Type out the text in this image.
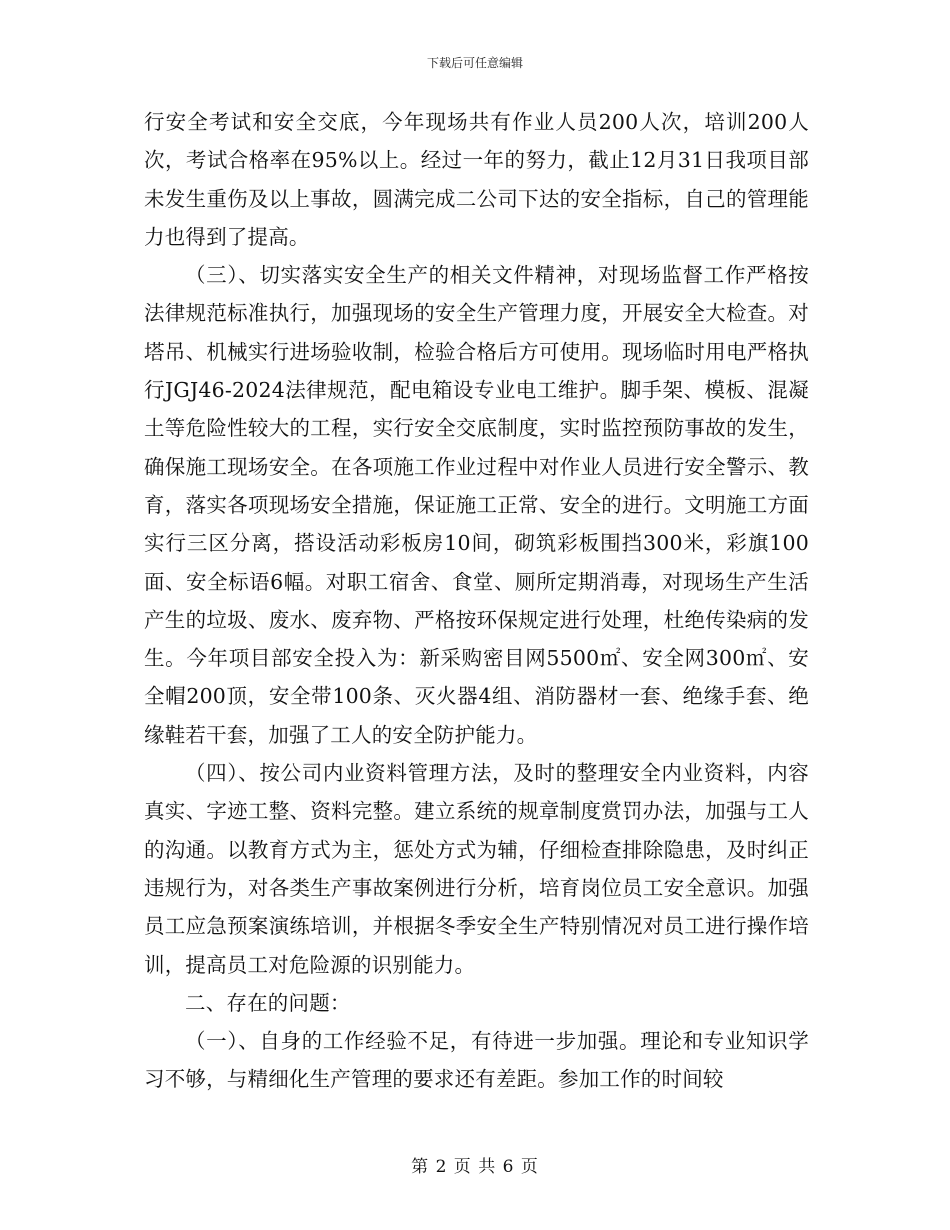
下载后可任意编辑

行安全考试和安全交底，今年现场共有作业人员200人次，培训200人次，考试合格率在95%以上。经过一年的努力，截止12月31日我项目部未发生重伤及以上事故，圆满完成二公司下达的安全指标，自己的管理能力也得到了提高。

（三）、切实落实安全生产的相关文件精神，对现场监督工作严格按法律规范标准执行，加强现场的安全生产管理力度，开展安全大检查。对塔吊、机械实行进场验收制，检验合格后方可使用。现场临时用电严格执行JGJ46-2024法律规范，配电箱设专业电工维护。脚手架、模板、混凝土等危险性较大的工程，实行安全交底制度，实时监控预防事故的发生，确保施工现场安全。在各项施工作业过程中对作业人员进行安全警示、教育，落实各项现场安全措施，保证施工正常、安全的进行。文明施工方面实行三区分离，搭设活动彩板房10间，砌筑彩板围挡300米，彩旗100面、安全标语6幅。对职工宿舍、食堂、厕所定期消毒，对现场生产生活产生的垃圾、废水、废弃物、严格按环保规定进行处理，杜绝传染病的发生。今年项目部安全投入为：新采购密目网5500㎡、安全网300㎡、安全帽200顶，安全带100条、灭火器4组、消防器材一套、绝缘手套、绝缘鞋若干套，加强了工人的安全防护能力。

（四）、按公司内业资料管理方法，及时的整理安全内业资料，内容真实、字迹工整、资料完整。建立系统的规章制度赏罚办法，加强与工人的沟通。以教育方式为主，惩处方式为辅，仔细检查排除隐患，及时纠正违规行为，对各类生产事故案例进行分析，培育岗位员工安全意识。加强员工应急预案演练培训，并根据冬季安全生产特别情况对员工进行操作培训，提高员工对危险源的识别能力。

二、存在的问题：

（一）、自身的工作经验不足，有待进一步加强。理论和专业知识学习不够，与精细化生产管理的要求还有差距。参加工作的时间较

第 2 页 共 6 页
